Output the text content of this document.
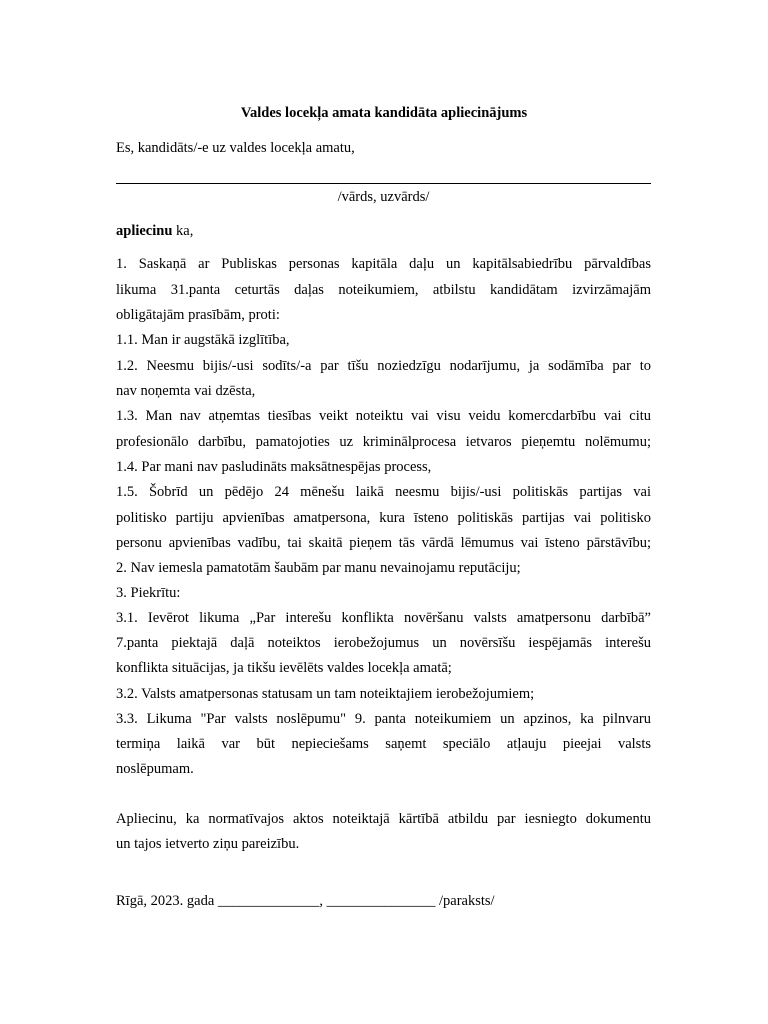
Valdes locekļa amata kandidāta apliecinājums
Es, kandidāts/-e uz valdes locekļa amatu,
/vārds, uzvārds/
apliecinu ka,
1. Saskaņā ar Publiskas personas kapitāla daļu un kapitālsabiedrību pārvaldības
likuma 31.panta ceturtās daļas noteikumiem, atbilstu kandidātam izvirzāmajām
obligātajām prasībām, proti:
1.1. Man ir augstākā izglītība,
1.2. Neesmu bijis/-usi sodīts/-a par tīšu noziedzīgu nodarījumu, ja sodāmība par to
nav noņemta vai dzēsta,
1.3. Man nav atņemtas tiesības veikt noteiktu vai visu veidu komercdarbību vai citu
profesionālo darbību, pamatojoties uz kriminālprocesa ietvaros pieņemtu nolēmumu;
1.4. Par mani nav pasludināts maksātnespējas process,
1.5. Šobrīd un pēdējo 24 mēnešu laikā neesmu bijis/-usi politiskās partijas vai
politisko partiju apvienības amatpersona, kura īsteno politiskās partijas vai politisko
personu apvienības vadību, tai skaitā pieņem tās vārdā lēmumus vai īsteno pārstāvību;
2. Nav iemesla pamatotām šaubām par manu nevainojamu reputāciju;
3. Piekrītu:
3.1. Ievērot likuma „Par interešu konflikta novēršanu valsts amatpersonu darbībā”
7.panta piektajā daļā noteiktos ierobežojumus un novērsīšu iespējamās interešu
konflikta situācijas, ja tikšu ievēlēts valdes locekļa amatā;
3.2. Valsts amatpersonas statusam un tam noteiktajiem ierobežojumiem;
3.3. Likuma "Par valsts noslēpumu" 9. panta noteikumiem un apzinos, ka pilnvaru
termiņa laikā var būt nepieciešams saņemt speciālo atļauju pieejai valsts
noslēpumam.
Apliecinu, ka normatīvajos aktos noteiktajā kārtībā atbildu par iesniegto dokumentu
un tajos ietverto ziņu pareizību.
Rīgā, 2023. gada ______________, _______________ /paraksts/
